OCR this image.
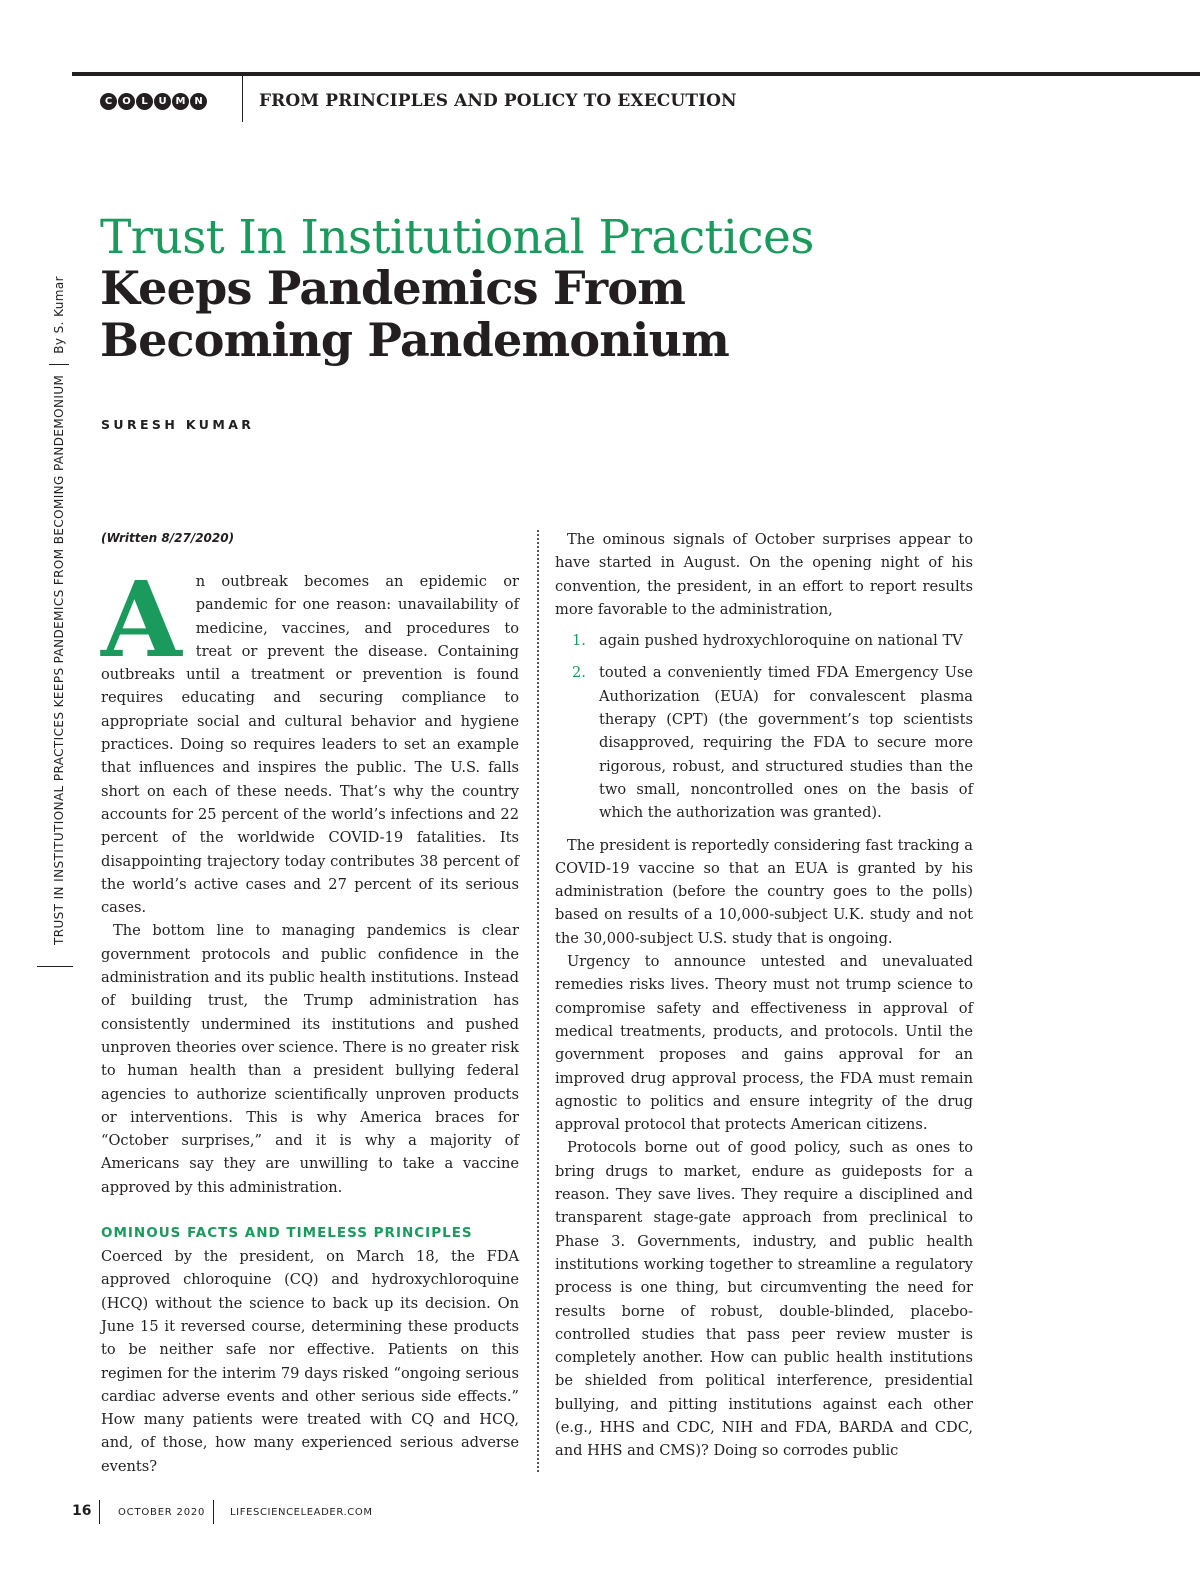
C	O	L	U M N	FROM PRINCIPLES AND POLICY TO EXECUTION
TRUST IN INSTITUTIONAL PRACTICES KEEPS PANDEMICS FROM BECOMING PANDEMONIUM
By S. Kumar
Trust In Institutional Practices
Keeps Pandemics From Becoming Pandemonium
SURESH KUMAR
(Written 8/27/2020)

An outbreak becomes an epidemic or pandemic for one reason: unavailability of medicine, vaccines, and procedures to treat or prevent the disease. Containing outbreaks until a treatment or prevention is found requires educating and securing compliance to appropriate social and cultural behavior and hygiene practices. Doing so requires leaders to set an example that influences and inspires the public. The U.S. falls short on each of these needs. That’s why the country accounts for 25 percent of the world’s infections and 22 percent of the worldwide COVID-19 fatalities. Its disappointing trajectory today contributes 38 percent of the world’s active cases and 27 percent of its serious cases.

The bottom line to managing pandemics is clear government protocols and public confidence in the administration and its public health institutions. Instead of building trust, the Trump administration has consistently undermined its institutions and pushed unproven theories over science. There is no greater risk to human health than a president bullying federal agencies to authorize scientifically unproven products or interventions. This is why America braces for “October surprises,” and it is why a majority of Americans say they are unwilling to take a vaccine approved by this administration.

OMINOUS FACTS AND TIMELESS PRINCIPLES

Coerced by the president, on March 18, the FDA approved chloroquine (CQ) and hydroxychloroquine (HCQ) without the science to back up its decision. On June 15 it reversed course, determining these products to be neither safe nor effective. Patients on this regimen for the interim 79 days risked “ongoing serious cardiac adverse events and other serious side effects.” How many patients were treated with CQ and HCQ, and, of those, how many experienced serious adverse events?

The ominous signals of October surprises appear to have started in August. On the opening night of his convention, the president, in an effort to report results more favorable to the administration,

1. again pushed hydroxychloroquine on national TV
2. touted a conveniently timed FDA Emergency Use Authorization (EUA) for convalescent plasma therapy (CPT) (the government’s top scientists disapproved, requiring the FDA to secure more rigorous, robust, and structured studies than the two small, noncontrolled ones on the basis of which the authorization was granted).

The president is reportedly considering fast tracking a COVID-19 vaccine so that an EUA is granted by his administration (before the country goes to the polls) based on results of a 10,000-subject U.K. study and not the 30,000-subject U.S. study that is ongoing.

Urgency to announce untested and unevaluated remedies risks lives. Theory must not trump science to compromise safety and effectiveness in approval of medical treatments, products, and protocols. Until the government proposes and gains approval for an improved drug approval process, the FDA must remain agnostic to politics and ensure integrity of the drug approval protocol that protects American citizens.

Protocols borne out of good policy, such as ones to bring drugs to market, endure as guideposts for a reason. They save lives. They require a disciplined and transparent stage-gate approach from preclinical to Phase 3. Governments, industry, and public health institutions working together to streamline a regulatory process is one thing, but circumventing the need for results borne of robust, double-blinded, placebo-controlled studies that pass peer review muster is completely another. How can public health institutions be shielded from political interference, presidential bullying, and pitting institutions against each other (e.g., HHS and CDC, NIH and FDA, BARDA and CDC, and HHS and CMS)? Doing so corrodes public

16	OCTOBER 2020 LIFESCIENCELEADER.COM
